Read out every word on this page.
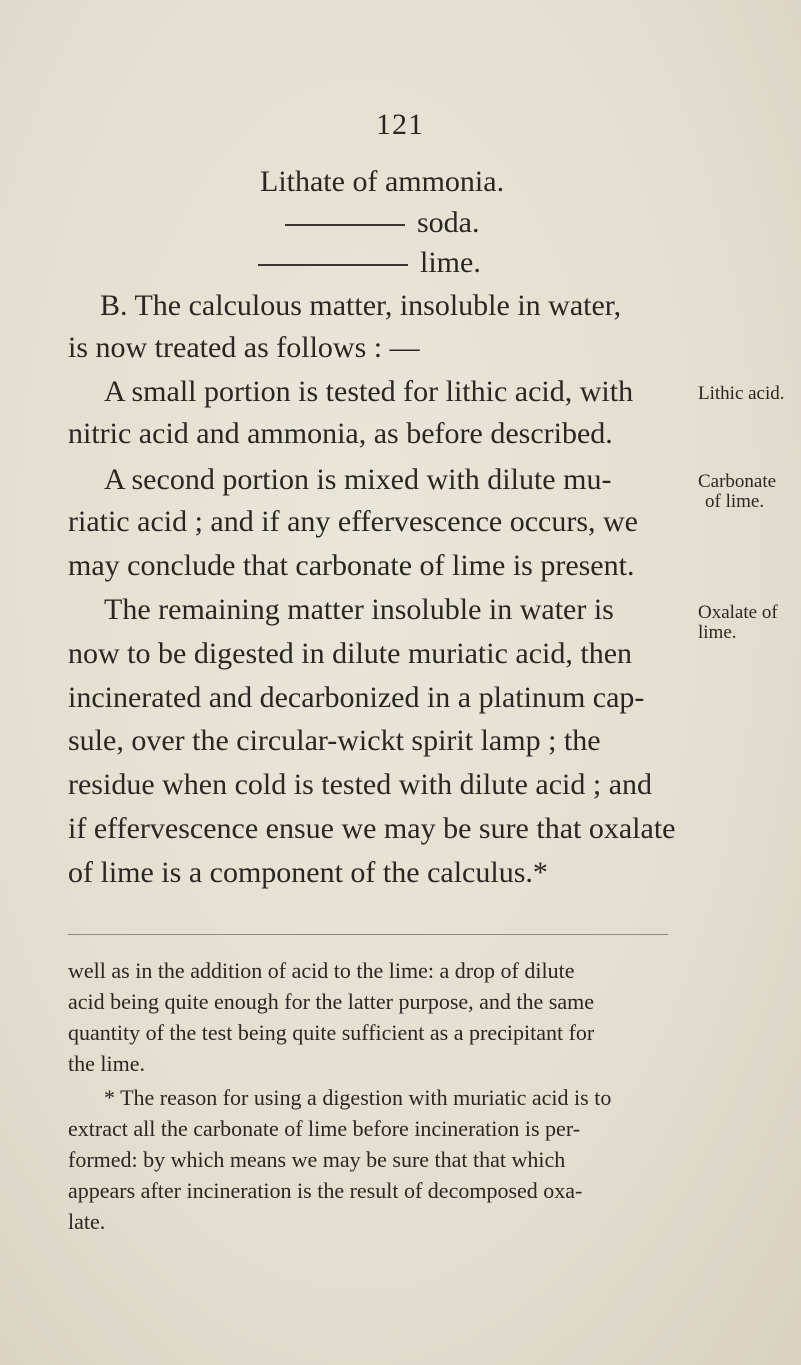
121
Lithate of ammonia.
soda.
lime.
B. The calculous matter, insoluble in water,
is now treated as follows : —
A small portion is tested for lithic acid, with
nitric acid and ammonia, as before described.
A second portion is mixed with dilute mu-
riatic acid ; and if any effervescence occurs, we
may conclude that carbonate of lime is present.
The remaining matter insoluble in water is
now to be digested in dilute muriatic acid, then
incinerated and decarbonized in a platinum cap-
sule, over the circular-wickt spirit lamp ; the
residue when cold is tested with dilute acid ; and
if effervescence ensue we may be sure that oxalate
of lime is a component of the calculus.*
Lithic acid.
Carbonate
of lime.
Oxalate of
lime.
well as in the addition of acid to the lime: a drop of dilute
acid being quite enough for the latter purpose, and the same
quantity of the test being quite sufficient as a precipitant for
the lime.
* The reason for using a digestion with muriatic acid is to
extract all the carbonate of lime before incineration is per-
formed: by which means we may be sure that that which
appears after incineration is the result of decomposed oxa-
late.
